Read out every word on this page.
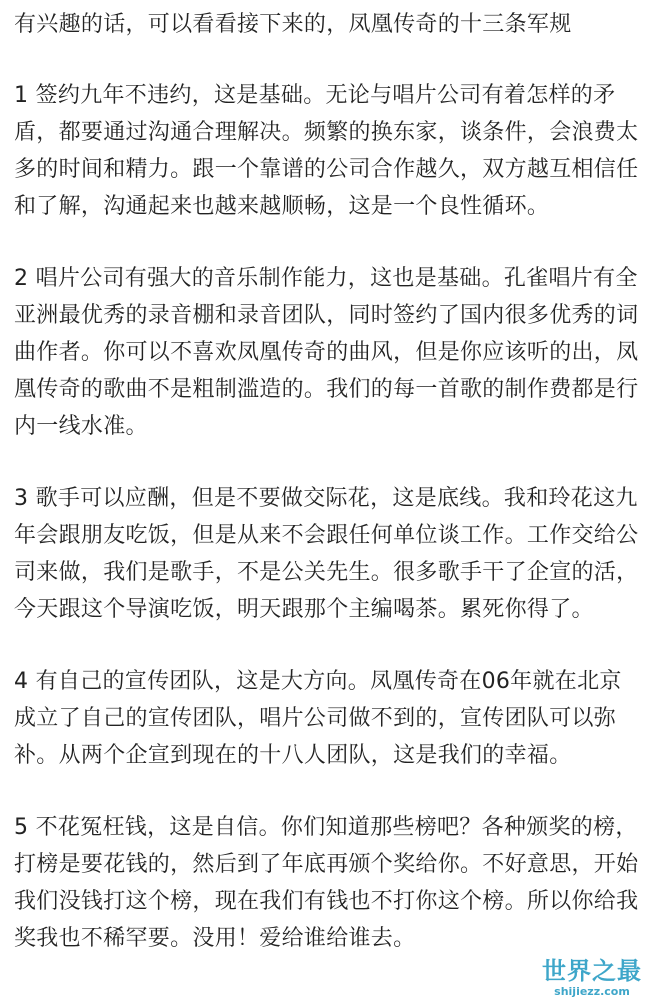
有兴趣的话，可以看看接下来的，凤凰传奇的十三条军规

1 签约九年不违约，这是基础。无论与唱片公司有着怎样的矛盾，都要通过沟通合理解决。频繁的换东家，谈条件，会浪费太多的时间和精力。跟一个靠谱的公司合作越久，双方越互相信任和了解，沟通起来也越来越顺畅，这是一个良性循环。

2 唱片公司有强大的音乐制作能力，这也是基础。孔雀唱片有全亚洲最优秀的录音棚和录音团队，同时签约了国内很多优秀的词曲作者。你可以不喜欢凤凰传奇的曲风，但是你应该听的出，凤凰传奇的歌曲不是粗制滥造的。我们的每一首歌的制作费都是行内一线水准。

3 歌手可以应酬，但是不要做交际花，这是底线。我和玲花这九年会跟朋友吃饭，但是从来不会跟任何单位谈工作。工作交给公司来做，我们是歌手，不是公关先生。很多歌手干了企宣的活，今天跟这个导演吃饭，明天跟那个主编喝茶。累死你得了。

4 有自己的宣传团队，这是大方向。凤凰传奇在06年就在北京成立了自己的宣传团队，唱片公司做不到的，宣传团队可以弥补。从两个企宣到现在的十八人团队，这是我们的幸福。

5 不花冤枉钱，这是自信。你们知道那些榜吧？各种颁奖的榜，打榜是要花钱的，然后到了年底再颁个奖给你。不好意思，开始我们没钱打这个榜，现在我们有钱也不打你这个榜。所以你给我奖我也不稀罕要。没用！爱给谁给谁去。

世界之最
shijiezz.com
